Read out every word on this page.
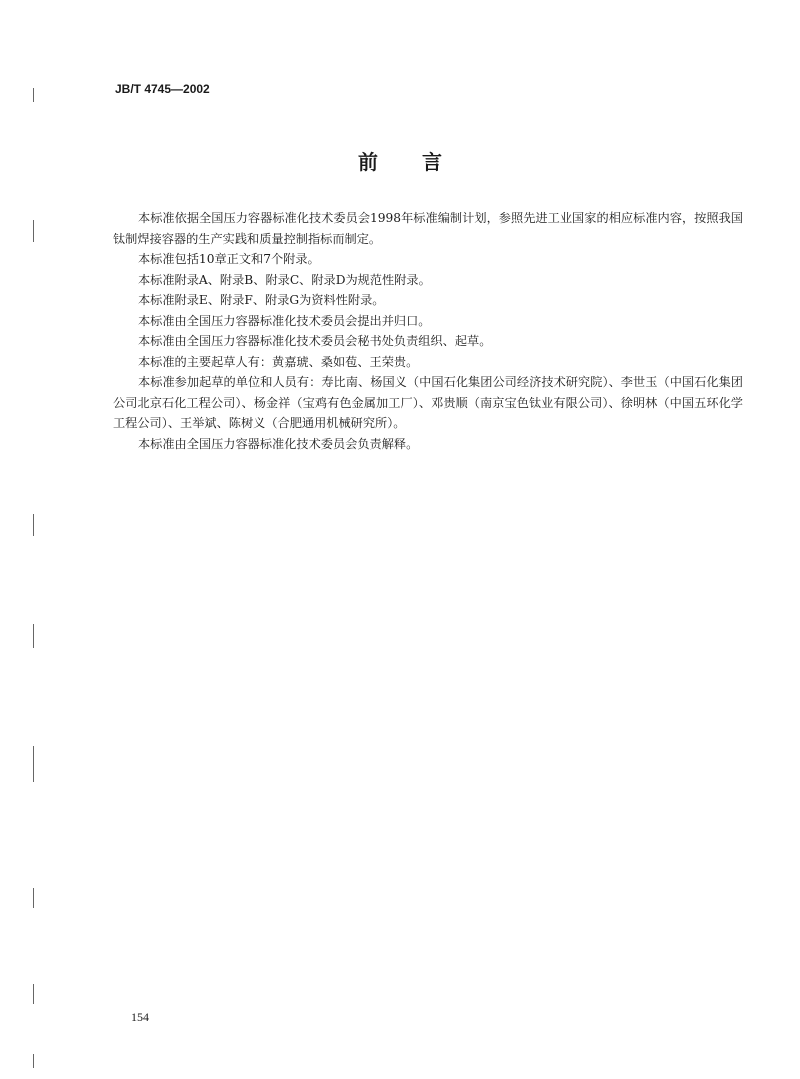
JB/T 4745—2002
前言

本标准依据全国压力容器标准化技术委员会1998年标准编制计划，参照先进工业国家的相应标准内容，按照我国钛制焊接容器的生产实践和质量控制指标而制定。

本标准包括10章正文和7个附录。

本标准附录A、附录B、附录C、附录D为规范性附录。

本标准附录E、附录F、附录G为资料性附录。

本标准由全国压力容器标准化技术委员会提出并归口。

本标准由全国压力容器标准化技术委员会秘书处负责组织、起草。

本标准的主要起草人有：黄嘉琥、桑如苞、王荣贵。

本标准参加起草的单位和人员有：寿比南、杨国义（中国石化集团公司经济技术研究院）、李世玉（中国石化集团公司北京石化工程公司）、杨金祥（宝鸡有色金属加工厂）、邓贵顺（南京宝色钛业有限公司）、徐明林（中国五环化学工程公司）、王举斌、陈树义（合肥通用机械研究所）。

本标准由全国压力容器标准化技术委员会负责解释。

154
